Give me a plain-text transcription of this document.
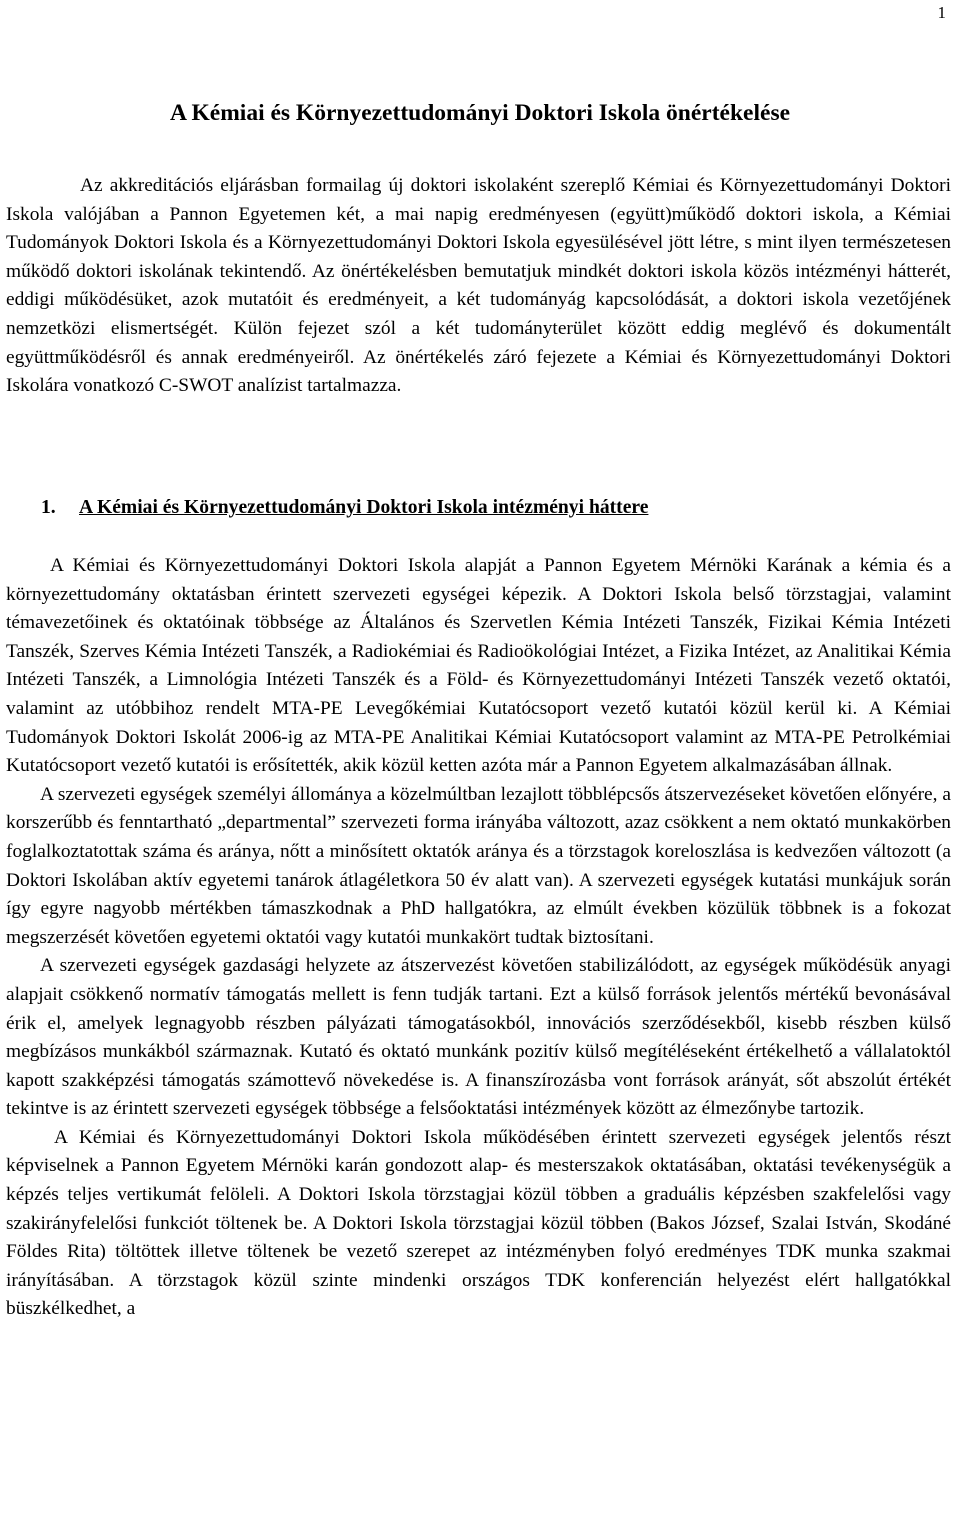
1
A Kémiai és Környezettudományi Doktori Iskola önértékelése

Az akkreditációs eljárásban formailag új doktori iskolaként szereplő Kémiai és Környezettudományi Doktori Iskola valójában a Pannon Egyetemen két, a mai napig eredményesen (együtt)működő doktori iskola, a Kémiai Tudományok Doktori Iskola és a Környezettudományi Doktori Iskola egyesülésével jött létre, s mint ilyen természetesen működő doktori iskolának tekintendő. Az önértékelésben bemutatjuk mindkét doktori iskola közös intézményi hátterét, eddigi működésüket, azok mutatóit és eredményeit, a két tudományág kapcsolódását, a doktori iskola vezetőjének nemzetközi elismertségét. Külön fejezet szól a két tudományterület között eddig meglévő és dokumentált együttműködésről és annak eredményeiről. Az önértékelés záró fejezete a Kémiai és Környezettudományi Doktori Iskolára vonatkozó C-SWOT analízist tartalmazza.

1. A Kémiai és Környezettudományi Doktori Iskola intézményi háttere

A Kémiai és Környezettudományi Doktori Iskola alapját a Pannon Egyetem Mérnöki Karának a kémia és a környezettudomány oktatásban érintett szervezeti egységei képezik. A Doktori Iskola belső törzstagjai, valamint témavezetőinek és oktatóinak többsége az Általános és Szervetlen Kémia Intézeti Tanszék, Fizikai Kémia Intézeti Tanszék, Szerves Kémia Intézeti Tanszék, a Radiokémiai és Radioökológiai Intézet, a Fizika Intézet, az Analitikai Kémia Intézeti Tanszék, a Limnológia Intézeti Tanszék és a Föld- és Környezettudományi Intézeti Tanszék vezető oktatói, valamint az utóbbihoz rendelt MTA-PE Levegőkémiai Kutatócsoport vezető kutatói közül kerül ki. A Kémiai Tudományok Doktori Iskolát 2006-ig az MTA-PE Analitikai Kémiai Kutatócsoport valamint az MTA-PE Petrolkémiai Kutatócsoport vezető kutatói is erősítették, akik közül ketten azóta már a Pannon Egyetem alkalmazásában állnak.

A szervezeti egységek személyi állománya a közelmúltban lezajlott többlépcsős átszervezéseket követően előnyére, a korszerűbb és fenntartható „departmental” szervezeti forma irányába változott, azaz csökkent a nem oktató munkakörben foglalkoztatottak száma és aránya, nőtt a minősített oktatók aránya és a törzstagok koreloszlása is kedvezően változott (a Doktori Iskolában aktív egyetemi tanárok átlagéletkora 50 év alatt van). A szervezeti egységek kutatási munkájuk során így egyre nagyobb mértékben támaszkodnak a PhD hallgatókra, az elmúlt években közülük többnek is a fokozat megszerzését követően egyetemi oktatói vagy kutatói munkakört tudtak biztosítani.

A szervezeti egységek gazdasági helyzete az átszervezést követően stabilizálódott, az egységek működésük anyagi alapjait csökkenő normatív támogatás mellett is fenn tudják tartani. Ezt a külső források jelentős mértékű bevonásával érik el, amelyek legnagyobb részben pályázati támogatásokból, innovációs szerződésekből, kisebb részben külső megbízásos munkákból származnak. Kutató és oktató munkánk pozitív külső megítéléseként értékelhető a vállalatoktól kapott szakképzési támogatás számottevő növekedése is. A finanszírozásba vont források arányát, sőt abszolút értékét tekintve is az érintett szervezeti egységek többsége a felsőoktatási intézmények között az élmezőnybe tartozik.

A Kémiai és Környezettudományi Doktori Iskola működésében érintett szervezeti egységek jelentős részt képviselnek a Pannon Egyetem Mérnöki karán gondozott alap- és mesterszakok oktatásában, oktatási tevékenységük a képzés teljes vertikumát felöleli. A Doktori Iskola törzstagjai közül többen a graduális képzésben szakfelelősi vagy szakirányfelelősi funkciót töltenek be. A Doktori Iskola törzstagjai közül többen (Bakos József, Szalai István, Skodáné Földes Rita) töltöttek illetve töltenek be vezető szerepet az intézményben folyó eredményes TDK munka szakmai irányításában. A törzstagok közül szinte mindenki országos TDK konferencián helyezést elért hallgatókkal büszkélkedhet, a
